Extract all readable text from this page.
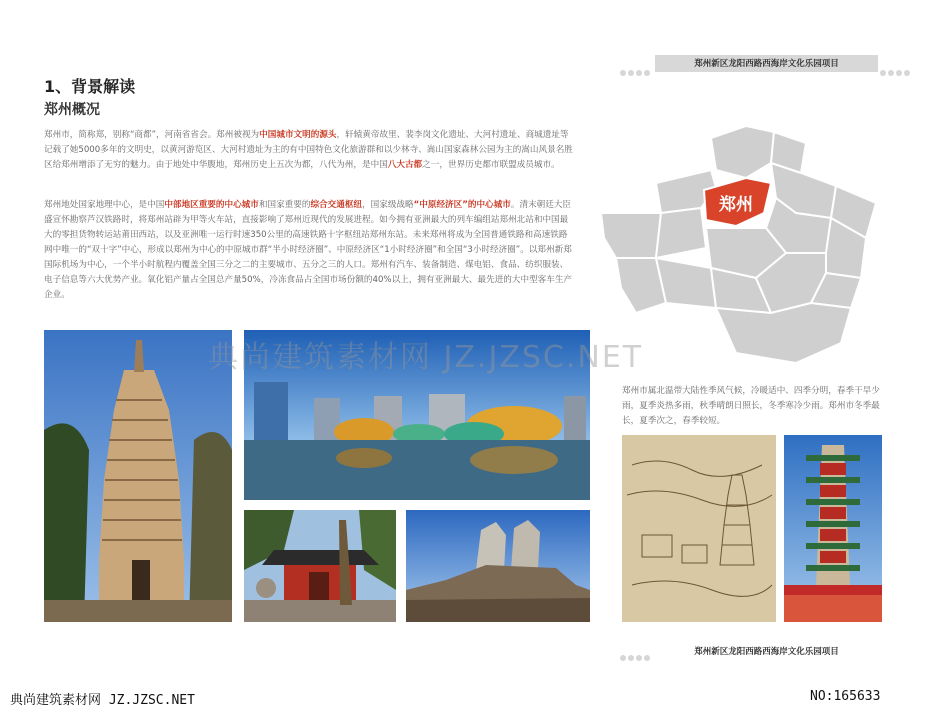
郑州新区龙阳西路西海岸文化乐园项目
1、背景解读
郑州概况
郑州市，简称郑，别称“商都”，河南省省会。郑州被视为中国城市文明的源头，轩辕黄帝故里、裴李岗文化遗址、大河村遗址、商城遗址等记载了她5000多年的文明史，以黄河游览区、大河村遗址为主的有中国特色文化旅游群和以少林寺、嵩山国家森林公园为主的嵩山风景名胜区给郑州增添了无穷的魅力。由于地处中华腹地，郑州历史上五次为都，八代为州，是中国八大古都之一，世界历史都市联盟成员城市。
郑州地处国家地理中心，是中国中部地区重要的中心城市和国家重要的综合交通枢纽，国家级战略“中原经济区”的中心城市。清末朝廷大臣盛宣怀勘察芦汉铁路时，将郑州站辟为甲等火车站，直接影响了郑州近现代的发展进程。如今拥有亚洲最大的列车编组站郑州北站和中国最大的零担货物转运站莆田西站，以及亚洲唯一运行时速350公里的高速铁路十字枢纽站郑州东站。未来郑州将成为全国普通铁路和高速铁路网中唯一的“双十字”中心，形成以郑州为中心的中原城市群“半小时经济圈”、中原经济区“1小时经济圈”和全国“3小时经济圈”。以郑州新郑国际机场为中心，一个半小时航程内覆盖全国三分之二的主要城市、五分之三的人口。郑州有汽车、装备制造、煤电铝、食品、纺织服装、电子信息等六大优势产业。氧化铝产量占全国总产量50%，冷冻食品占全国市场份额的40%以上，拥有亚洲最大、最先进的大中型客车生产企业。
郑州
郑州市属北温带大陆性季风气候，冷暖适中、四季分明，春季干旱少雨，夏季炎热多雨，秋季晴朗日照长，冬季寒冷少雨。郑州市冬季最长，夏季次之，春季较短。
典尚建筑素材网 JZ.JZSC.NET
郑州新区龙阳西路西海岸文化乐园项目
典尚建筑素材网 JZ.JZSC.NET	NO:165633
